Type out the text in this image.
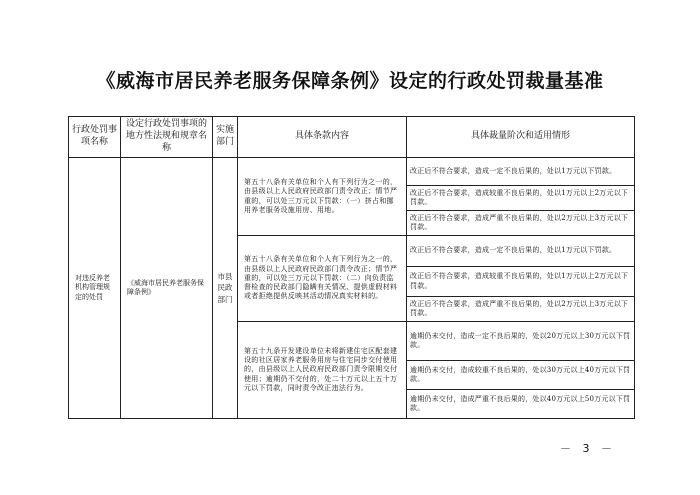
《威海市居民养老服务保障条例》设定的行政处罚裁量基准
行政处罚事项名称	设定行政处罚事项的地方性法规和规章名称	实施部门	具体条款内容	具体裁量阶次和适用情形
对违反养老机构管理规定的处罚	《威海市居民养老服务保障条例》	市县民政部门	第五十八条有关单位和个人有下列行为之一的，由县级以上人民政府民政部门责令改正；情节严重的，可以处三万元以下罚款：（一）挤占和挪用养老服务设施用房、用地。	改正后不符合要求，造成一定不良后果的，处以1万元以下罚款。
				改正后不符合要求，造成较重不良后果的，处以1万元以上2万元以下罚款。
				改正后不符合要求，造成严重不良后果的，处以2万元以上3万元以下罚款。
			第五十八条有关单位和个人有下列行为之一的，由县级以上人民政府民政部门责令改正；情节严重的，可以处三万元以下罚款：（二）向负责监督检查的民政部门隐瞒有关情况、提供虚假材料或者拒绝提供反映其活动情况真实材料的。	改正后不符合要求，造成一定不良后果的，处以1万元以下罚款。
				改正后不符合要求，造成较重不良后果的，处以1万元以上2万元以下罚款。
				改正后不符合要求，造成严重不良后果的，处以2万元以上3万元以下罚款。
			第五十九条开发建设单位未将新建住宅区配套建设的社区居家养老服务用房与住宅同步交付使用的，由县级以上人民政府民政部门责令限期交付使用；逾期仍不交付的，处二十万元以上五十万元以下罚款，同时责令改正违法行为。	逾期仍未交付，造成一定不良后果的，处以20万元以上30万元以下罚款。
				逾期仍未交付，造成较重不良后果的，处以30万元以上40万元以下罚款。
				逾期仍未交付，造成严重不良后果的，处以40万元以上50万元以下罚款。
－ 3 －
